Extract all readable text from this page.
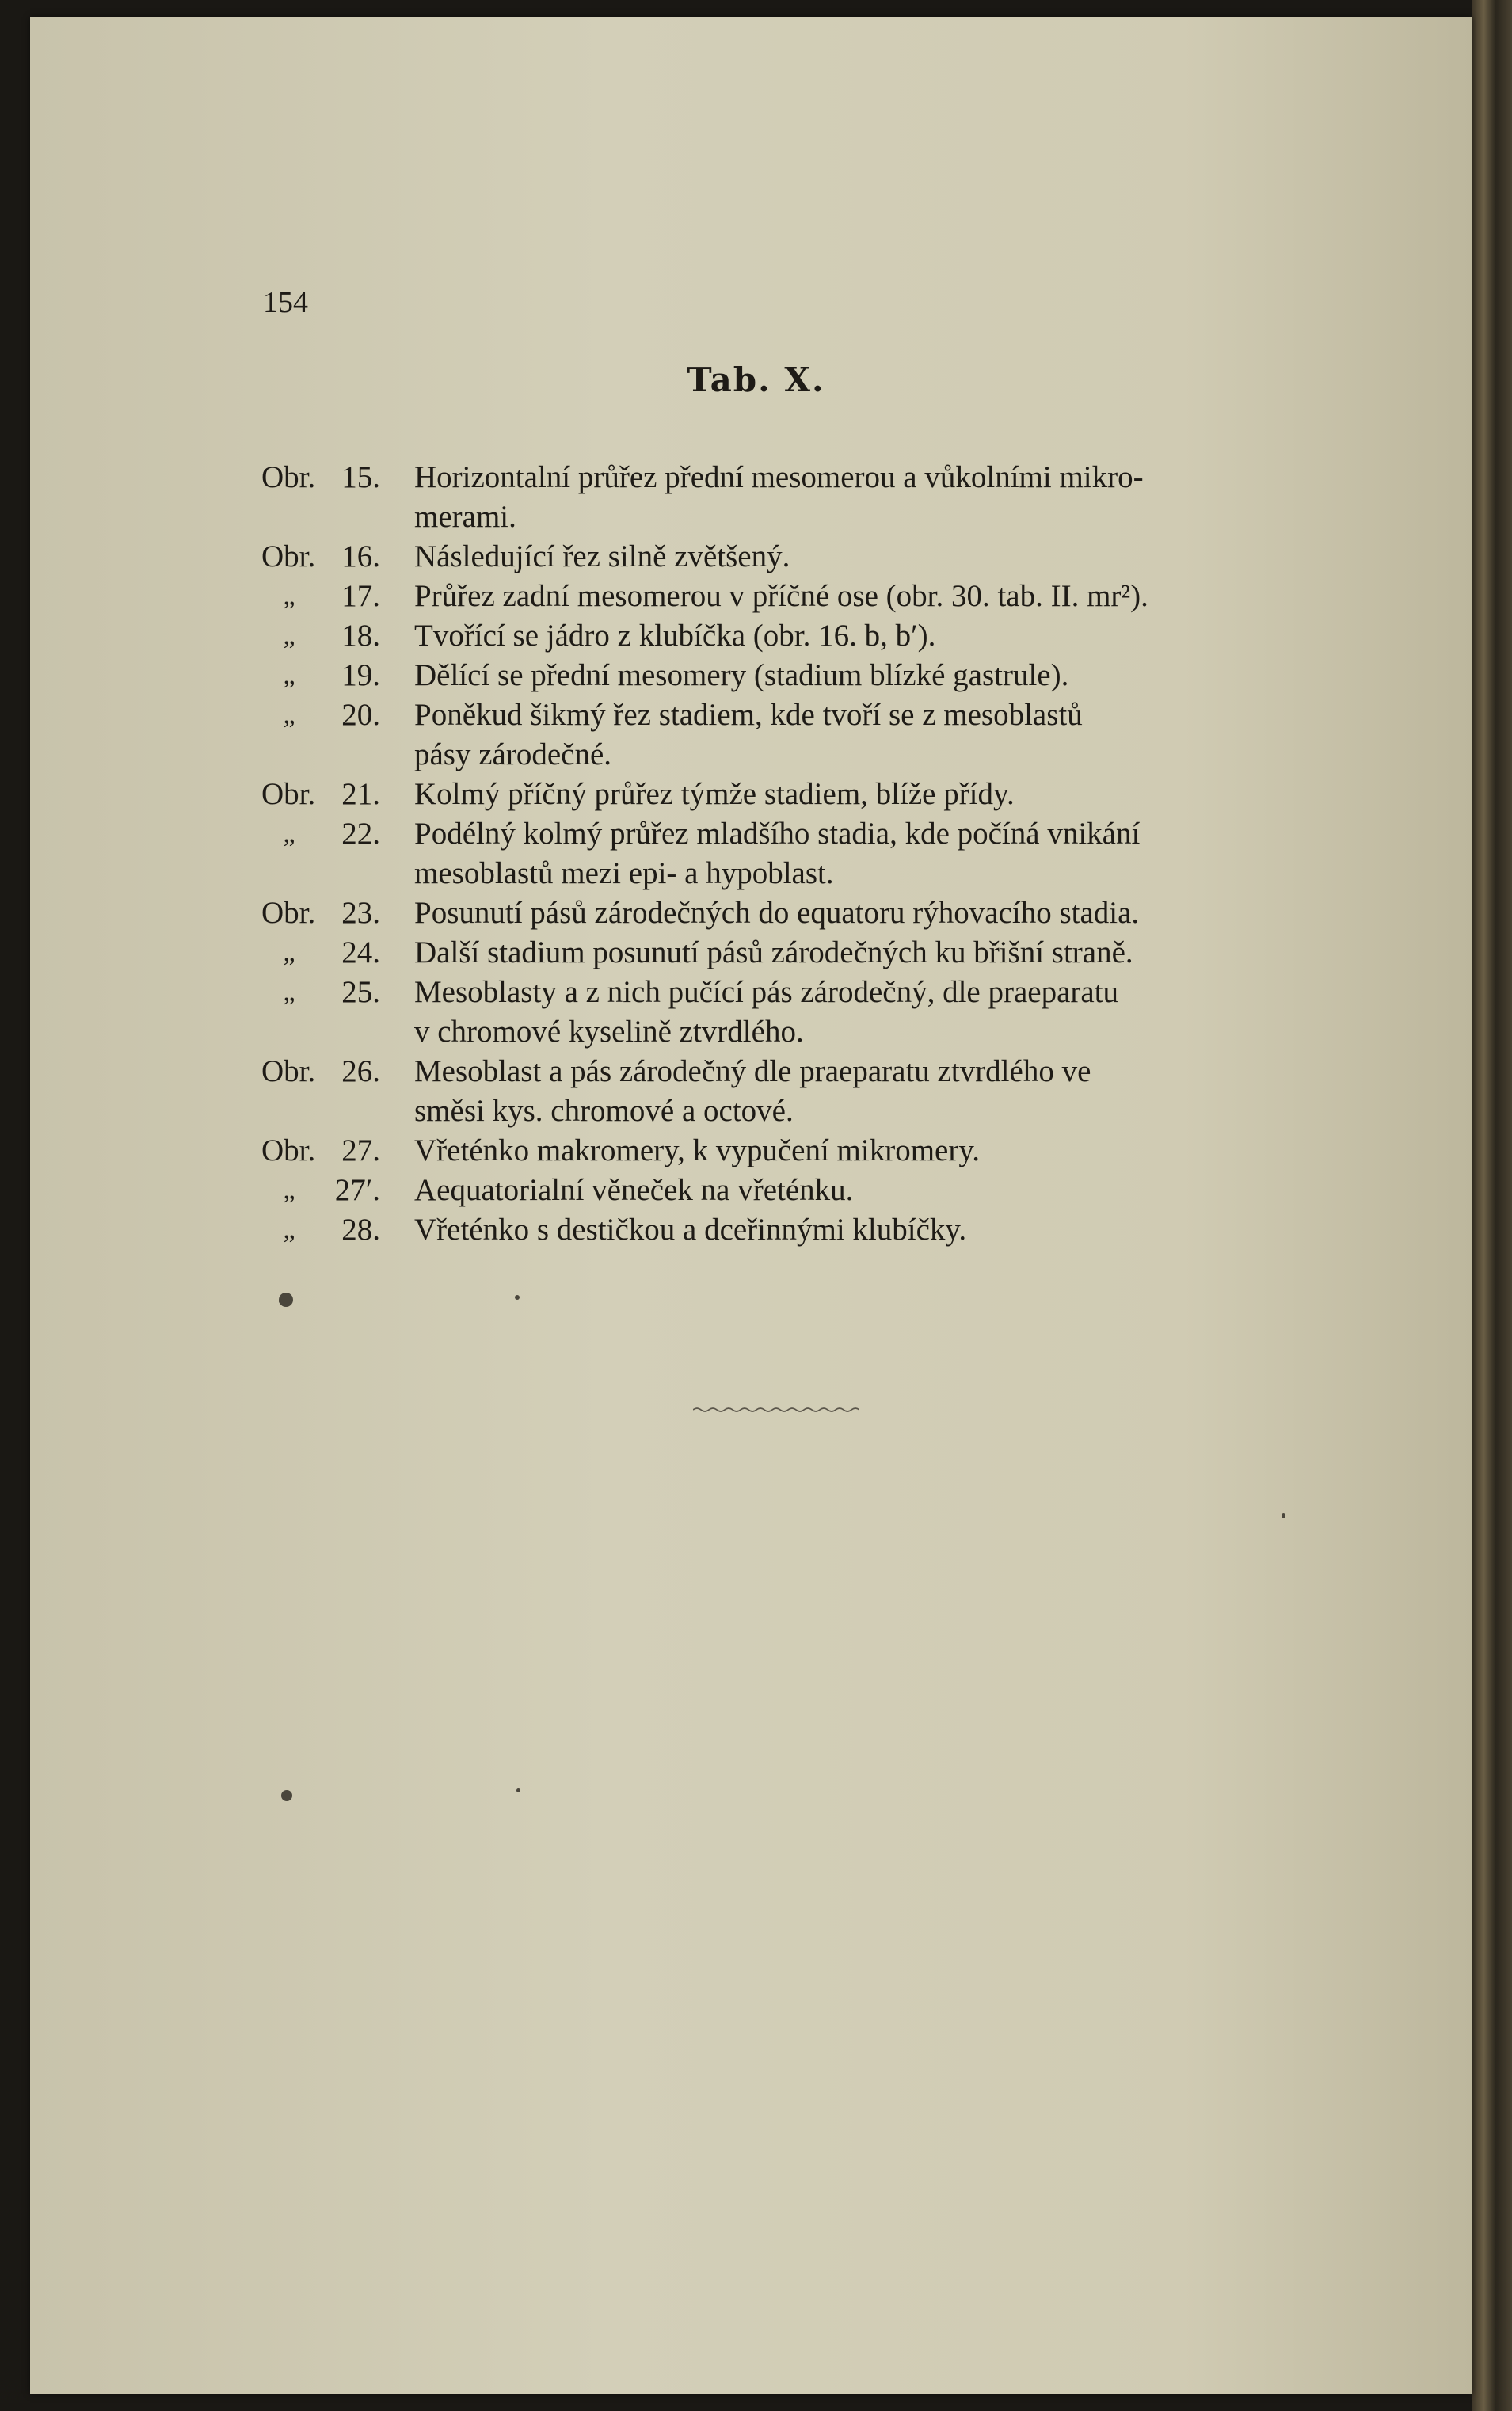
154
Tab. X.
Obr. 15. Horizontalní průřez přední mesomerou a vůkolními mikro-
merami.
Obr. 16. Následující řez silně zvětšený.
„	17. Průřez zadní mesomerou v příčné ose (obr. 30. tab. II. mr²).
„	18. Tvořící se jádro z klubíčka (obr. 16. b, b′).
„	19. Dělící se přední mesomery (stadium blízké gastrule).
„	20. Poněkud šikmý řez stadiem, kde tvoří se z mesoblastů
pásy zárodečné.
Obr. 21. Kolmý příčný průřez týmže stadiem, blíže přídy.
„	22. Podélný kolmý průřez mladšího stadia, kde počíná vnikání
mesoblastů mezi epi- a hypoblast.
Obr. 23. Posunutí pásů zárodečných do equatoru rýhovacího stadia.
„	24. Další stadium posunutí pásů zárodečných ku břišní straně.
„	25. Mesoblasty a z nich pučící pás zárodečný, dle praeparatu
v chromové kyselině ztvrdlého.
Obr. 26. Mesoblast a pás zárodečný dle praeparatu ztvrdlého ve
směsi kys. chromové a octové.
Obr. 27. Vřeténko makromery, k vypučení mikromery.
„	27′. Aequatorialní věneček na vřeténku.
„	28. Vřeténko s destičkou a dceřinnými klubíčky.
